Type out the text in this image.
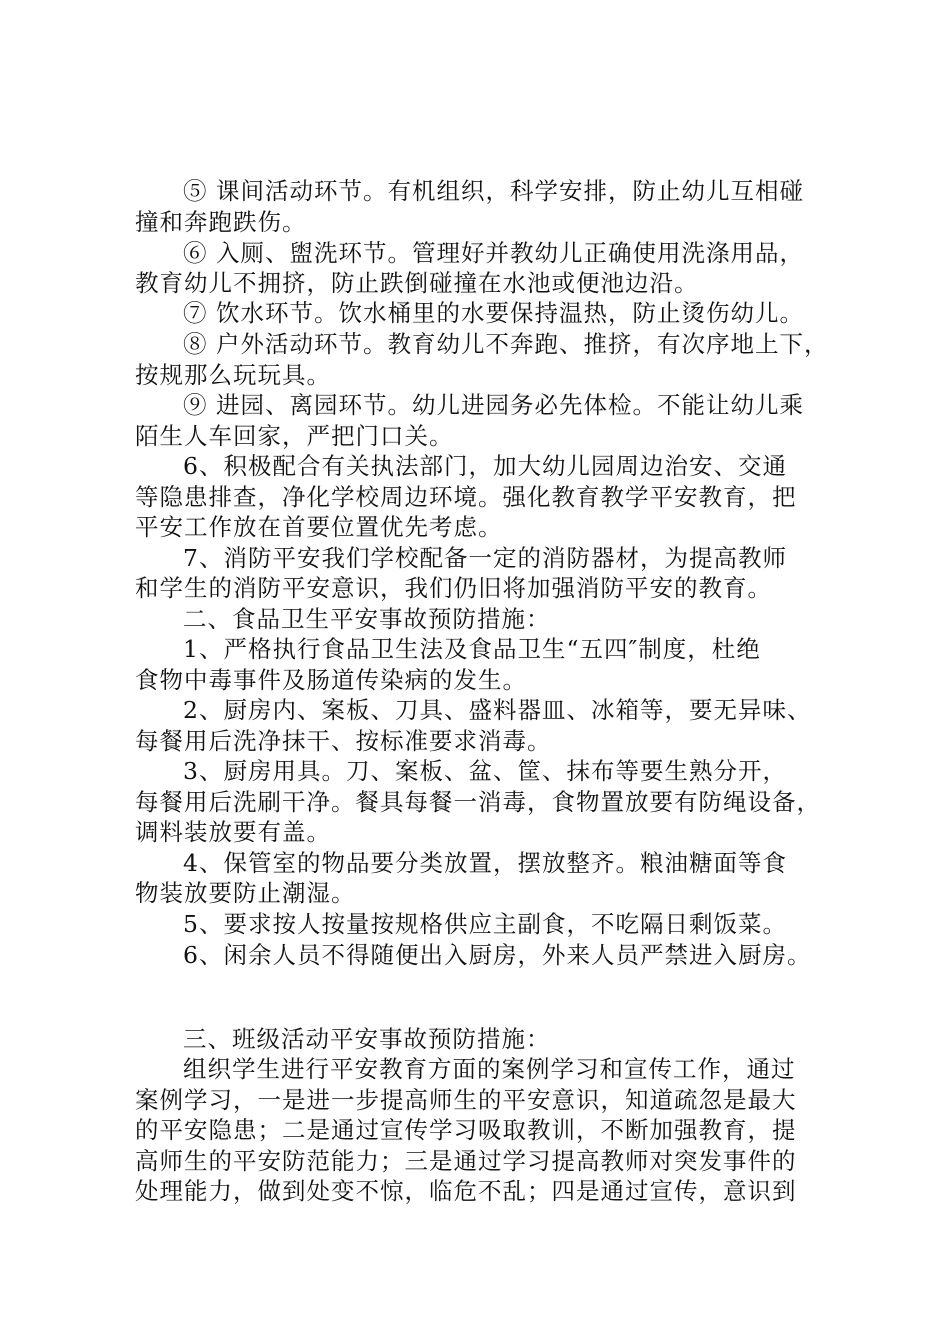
⑤ 课间活动环节。有机组织，科学安排，防止幼儿互相碰
撞和奔跑跌伤。
⑥ 入厕、盥洗环节。管理好并教幼儿正确使用洗涤用品，
教育幼儿不拥挤，防止跌倒碰撞在水池或便池边沿。
⑦ 饮水环节。饮水桶里的水要保持温热，防止烫伤幼儿。
⑧ 户外活动环节。教育幼儿不奔跑、推挤，有次序地上下，
按规那么玩玩具。
⑨ 进园、离园环节。幼儿进园务必先体检。不能让幼儿乘
陌生人车回家，严把门口关。
6、积极配合有关执法部门，加大幼儿园周边治安、交通
等隐患排查，净化学校周边环境。强化教育教学平安教育，把
平安工作放在首要位置优先考虑。
7、消防平安我们学校配备一定的消防器材，为提高教师
和学生的消防平安意识，我们仍旧将加强消防平安的教育。
二、食品卫生平安事故预防措施：
1、严格执行食品卫生法及食品卫生“五四″制度，杜绝
食物中毒事件及肠道传染病的发生。
2、厨房内、案板、刀具、盛料器皿、冰箱等，要无异味、
每餐用后洗净抹干、按标准要求消毒。
3、厨房用具。刀、案板、盆、筐、抹布等要生熟分开，
每餐用后洗刷干净。餐具每餐一消毒，食物置放要有防绳设备，
调料装放要有盖。
4、保管室的物品要分类放置，摆放整齐。粮油糖面等食
物装放要防止潮湿。
5、要求按人按量按规格供应主副食，不吃隔日剩饭菜。
6、闲余人员不得随便出入厨房，外来人员严禁进入厨房。
三、班级活动平安事故预防措施：
组织学生进行平安教育方面的案例学习和宣传工作，通过
案例学习，一是进一步提高师生的平安意识，知道疏忽是最大
的平安隐患；二是通过宣传学习吸取教训，不断加强教育，提
高师生的平安防范能力；三是通过学习提高教师对突发事件的
处理能力，做到处变不惊，临危不乱；四是通过宣传，意识到
